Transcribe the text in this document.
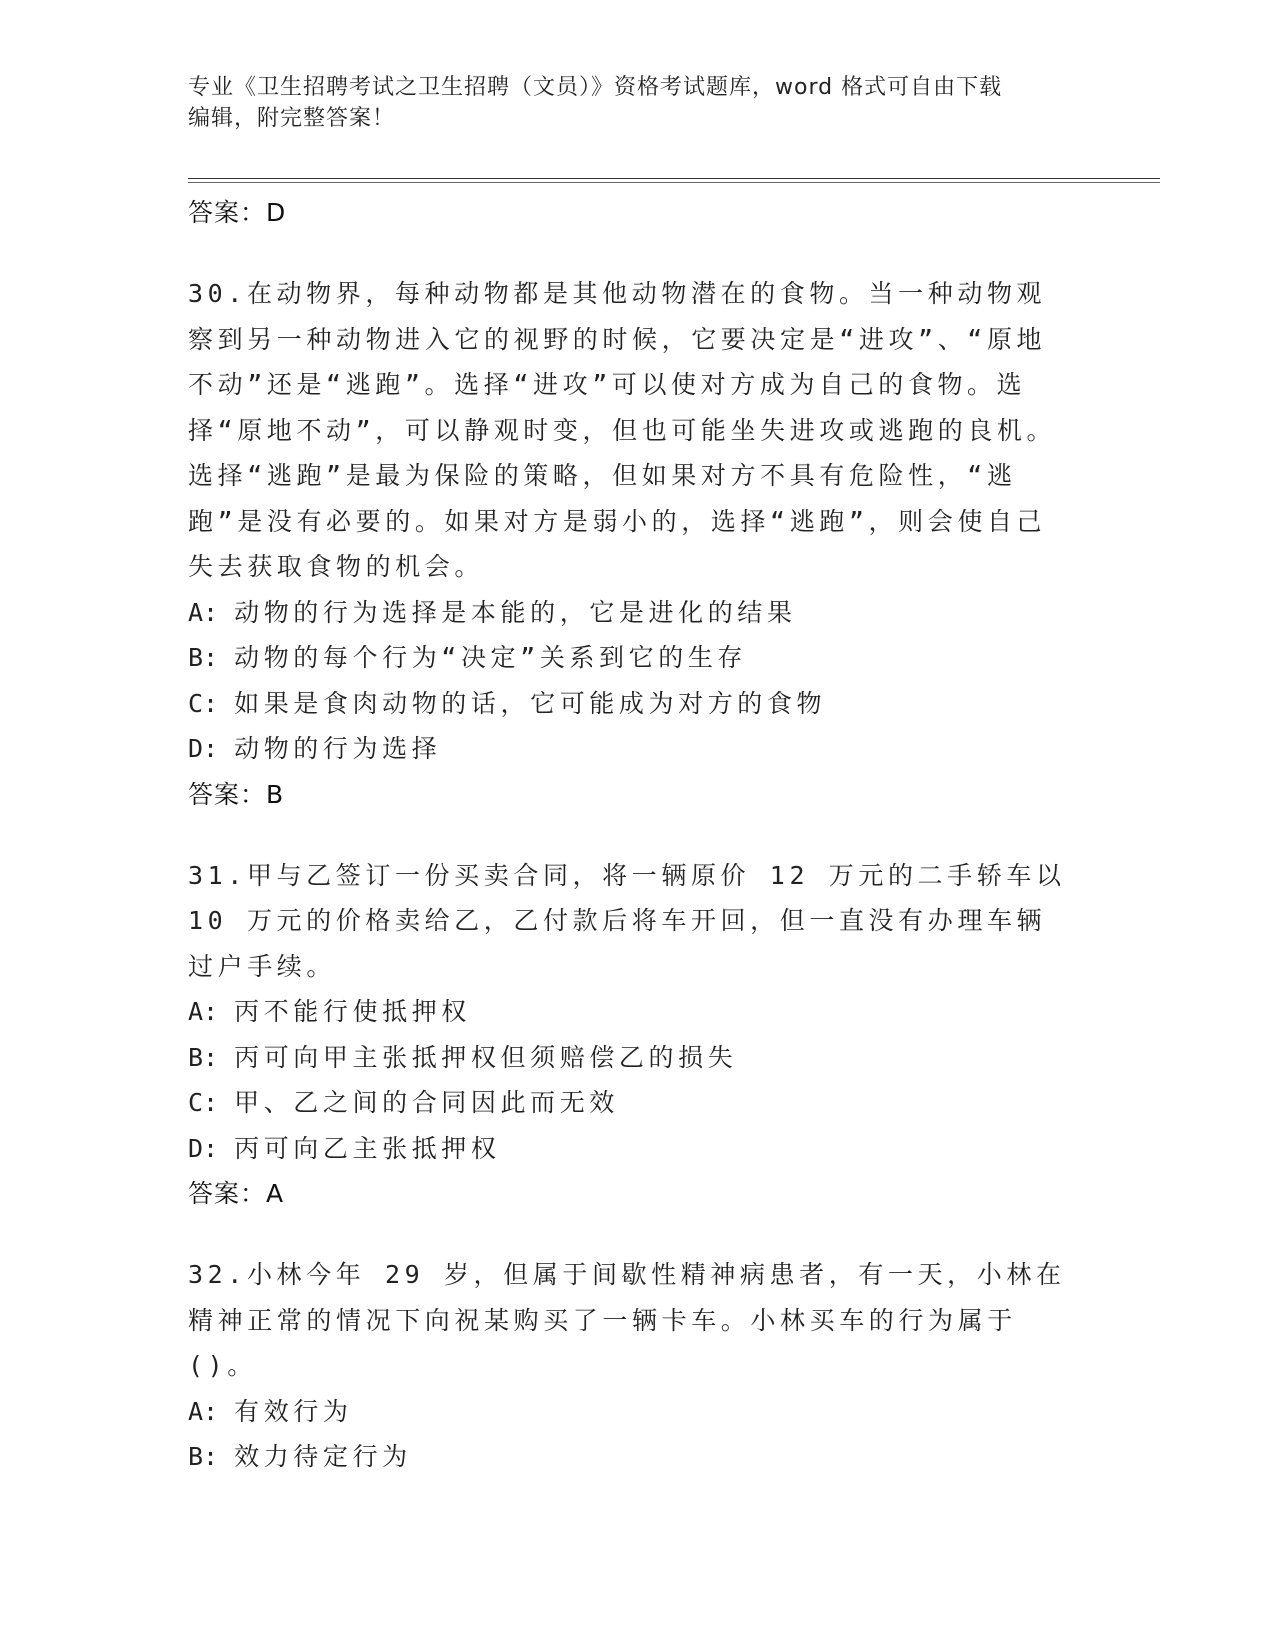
专业《卫生招聘考试之卫生招聘（文员）》资格考试题库，word 格式可自由下载
编辑，附完整答案！
答案：D
30.在动物界，每种动物都是其他动物潜在的食物。当一种动物观察到另一种动物进入它的视野的时候，它要决定是“进攻”、“原地不动”还是“逃跑”。选择“进攻”可以使对方成为自己的食物。选择“原地不动”，可以静观时变，但也可能坐失进攻或逃跑的良机。选择“逃跑”是最为保险的策略，但如果对方不具有危险性，“逃跑”是没有必要的。如果对方是弱小的，选择“逃跑”，则会使自己失去获取食物的机会。
A: 动物的行为选择是本能的，它是进化的结果
B: 动物的每个行为“决定”关系到它的生存
C: 如果是食肉动物的话，它可能成为对方的食物
D: 动物的行为选择
答案：B
31.甲与乙签订一份买卖合同，将一辆原价 12 万元的二手轿车以 10 万元的价格卖给乙，乙付款后将车开回，但一直没有办理车辆过户手续。
A: 丙不能行使抵押权
B: 丙可向甲主张抵押权但须赔偿乙的损失
C: 甲、乙之间的合同因此而无效
D: 丙可向乙主张抵押权
答案：A
32.小林今年 29 岁，但属于间歇性精神病患者，有一天，小林在精神正常的情况下向祝某购买了一辆卡车。小林买车的行为属于()。
A: 有效行为
B: 效力待定行为
